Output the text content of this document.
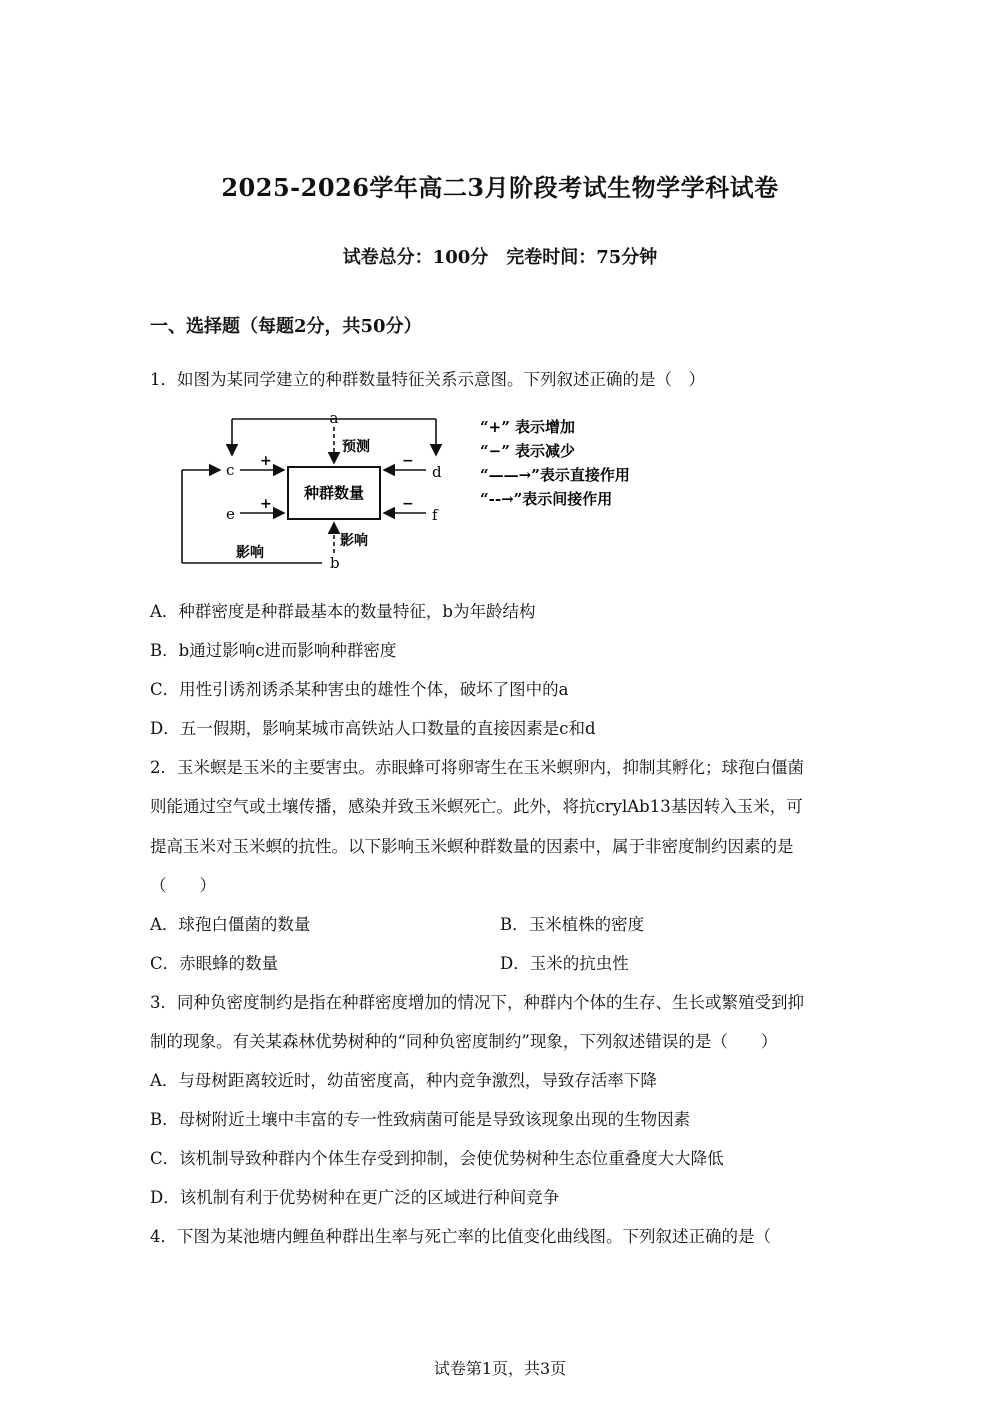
2025-2026学年高二3月阶段考试生物学学科试卷
试卷总分：100分　完卷时间：75分钟
一、选择题（每题2分，共50分）
1．如图为某同学建立的种群数量特征关系示意图。下列叙述正确的是（　）
种群数量
a
预测
c +
e
+
d
−
f
−
b
影响
影响
“+” 表示增加
“−” 表示减少
“——→”表示直接作用
“--→”表示间接作用
A．种群密度是种群最基本的数量特征，b为年龄结构
B．b通过影响c进而影响种群密度
C．用性引诱剂诱杀某种害虫的雄性个体，破坏了图中的a
D．五一假期，影响某城市高铁站人口数量的直接因素是c和d
2．玉米螟是玉米的主要害虫。赤眼蜂可将卵寄生在玉米螟卵内，抑制其孵化；球孢白僵菌
则能通过空气或土壤传播，感染并致玉米螟死亡。此外，将抗crylAb13基因转入玉米，可
提高玉米对玉米螟的抗性。以下影响玉米螟种群数量的因素中，属于非密度制约因素的是
（　　）
A．球孢白僵菌的数量	B．玉米植株的密度
C．赤眼蜂的数量	D．玉米的抗虫性
3．同种负密度制约是指在种群密度增加的情况下，种群内个体的生存、生长或繁殖受到抑
制的现象。有关某森林优势树种的“同种负密度制约”现象，下列叙述错误的是（　　）
A．与母树距离较近时，幼苗密度高，种内竞争激烈，导致存活率下降
B．母树附近土壤中丰富的专一性致病菌可能是导致该现象出现的生物因素
C．该机制导致种群内个体生存受到抑制，会使优势树种生态位重叠度大大降低
D．该机制有利于优势树种在更广泛的区域进行种间竞争
4．下图为某池塘内鲤鱼种群出生率与死亡率的比值变化曲线图。下列叙述正确的是（
试卷第1页，共3页
